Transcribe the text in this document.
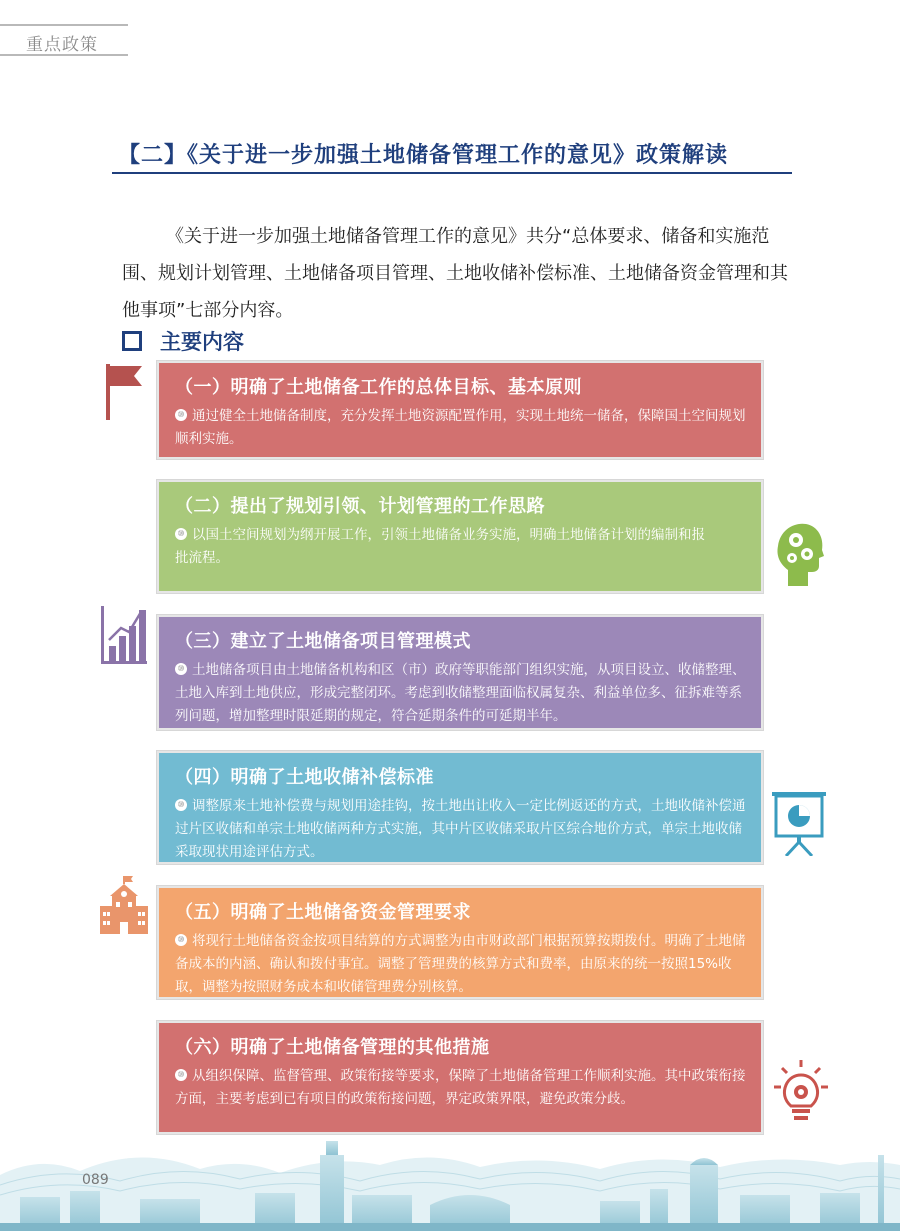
重点政策
【二】《关于进一步加强土地储备管理工作的意见》政策解读
《关于进一步加强土地储备管理工作的意见》共分“总体要求、储备和实施范围、规划计划管理、土地储备项目管理、土地收储补偿标准、土地储备资金管理和其他事项”七部分内容。
主要内容
（一）明确了土地储备工作的总体目标、基本原则

⑩ 通过健全土地储备制度，充分发挥土地资源配置作用，实现土地统一储备，保障国土空间规划顺利实施。

（二）提出了规划引领、计划管理的工作思路

⑩ 以国土空间规划为纲开展工作，引领土地储备业务实施，明确土地储备计划的编制和报批流程。

（三）建立了土地储备项目管理模式

⑩ 土地储备项目由土地储备机构和区（市）政府等职能部门组织实施，从项目设立、收储整理、土地入库到土地供应，形成完整闭环。考虑到收储整理面临权属复杂、利益单位多、征拆难等系列问题，增加整理时限延期的规定，符合延期条件的可延期半年。

（四）明确了土地收储补偿标准

⑩ 调整原来土地补偿费与规划用途挂钩，按土地出让收入一定比例返还的方式，土地收储补偿通过片区收储和单宗土地收储两种方式实施，其中片区收储采取片区综合地价方式，单宗土地收储采取现状用途评估方式。

（五）明确了土地储备资金管理要求

⑩ 将现行土地储备资金按项目结算的方式调整为由市财政部门根据预算按期拨付。明确了土地储备成本的内涵、确认和拨付事宜。调整了管理费的核算方式和费率，由原来的统一按照15%收取，调整为按照财务成本和收储管理费分别核算。

（六）明确了土地储备管理的其他措施

⑩ 从组织保障、监督管理、政策衔接等要求，保障了土地储备管理工作顺利实施。其中政策衔接方面，主要考虑到已有项目的政策衔接问题，界定政策界限，避免政策分歧。

089
